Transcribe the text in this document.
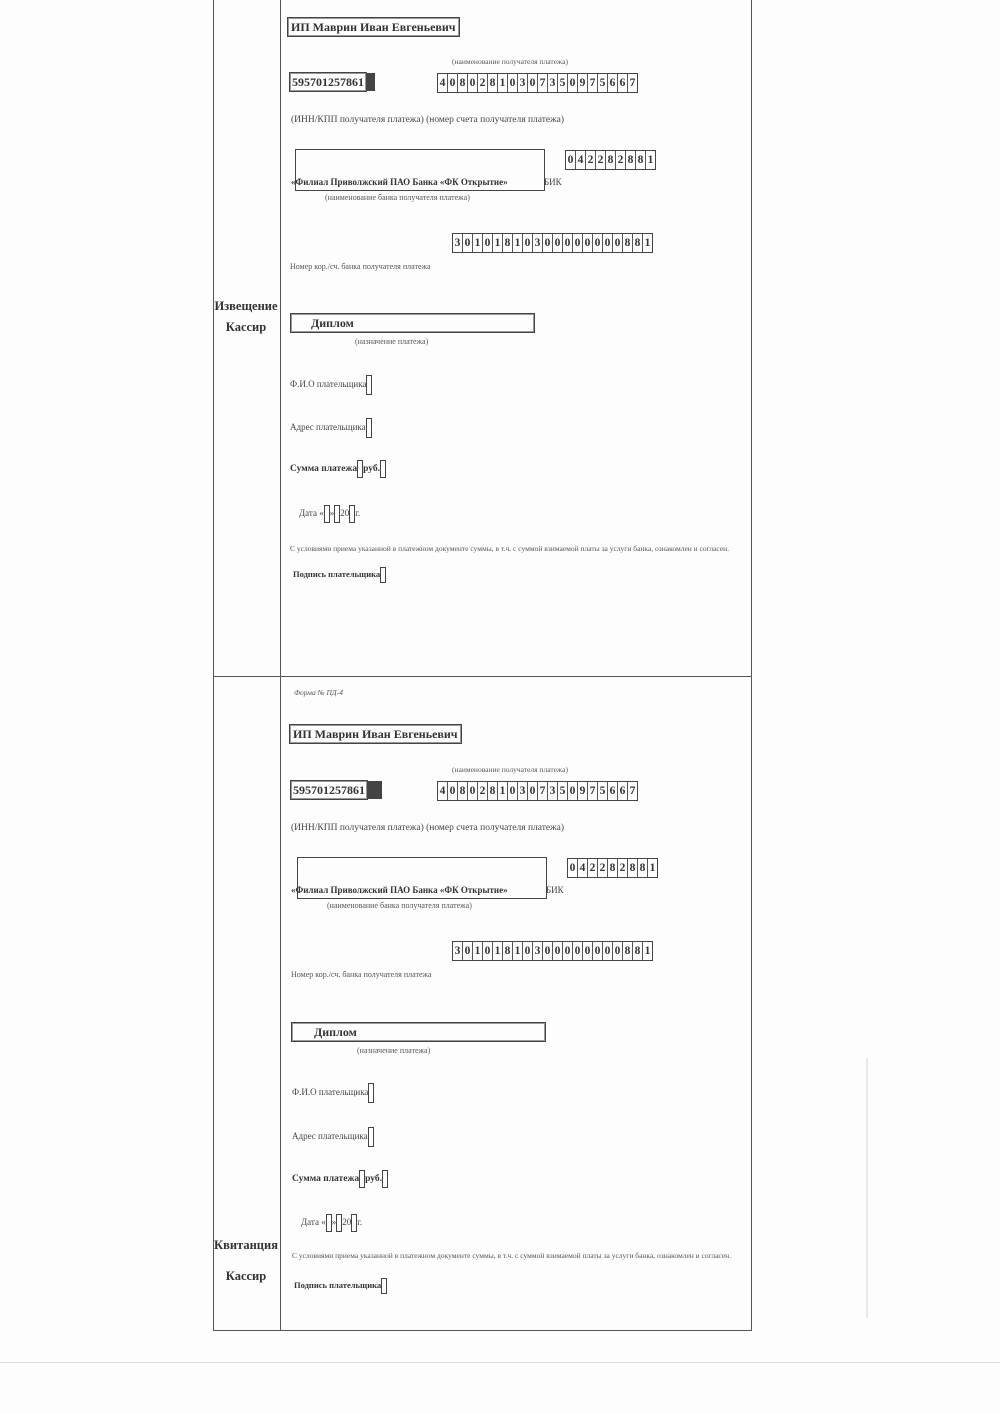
Извещение
Кассир
ИП Маврин Иван Евгеньевич
(наименование получателя платежа)
595701257861	4 0 8 0 2 8 1 0 3 0 7 3 5 0 9 7 5 6 6 7
(ИНН/КПП получателя платежа) (номер счета получателя платежа)
«Филиал Приволжский ПАО Банка «ФК Открытие»	БИК
0 4 2 2 8 2 8 8 1
(наименование банка получателя платежа)
3 0 1 0 1 8 1 0 3 0 0 0 0 0 0 0 0 8 8 1
Номер кор./сч. банка получателя платежа
Диплом
(назначение платежа)
Ф.И.О плательщика
Адрес плательщика
Сумма платежа руб.
Дата « » 20 г.
С условиями приема указанной в платежном документе суммы, в т.ч. с суммой взимаемой платы за услуги банка, ознакомлен и согласен.
Подпись плательщика
Форма № ПД-4
Квитанция
Кассир
ИП Маврин Иван Евгеньевич
(наименование получателя платежа)
595701257861	4 0 8 0 2 8 1 0 3 0 7 3 5 0 9 7 5 6 6 7
(ИНН/КПП получателя платежа) (номер счета получателя платежа)
«Филиал Приволжский ПАО Банка «ФК Открытие»	БИК
0 4 2 2 8 2 8 8 1
(наименование банка получателя платежа)
3 0 1 0 1 8 1 0 3 0 0 0 0 0 0 0 0 8 8 1
Номер кор./сч. банка получателя платежа
Диплом
(назначение платежа)
Ф.И.О плательщика
Адрес плательщика
Сумма платежа руб.
Дата « » 20 г.
С условиями приема указанной в платежном документе суммы, в т.ч. с суммой взимаемой платы за услуги банка, ознакомлен и согласен.
Подпись плательщика
